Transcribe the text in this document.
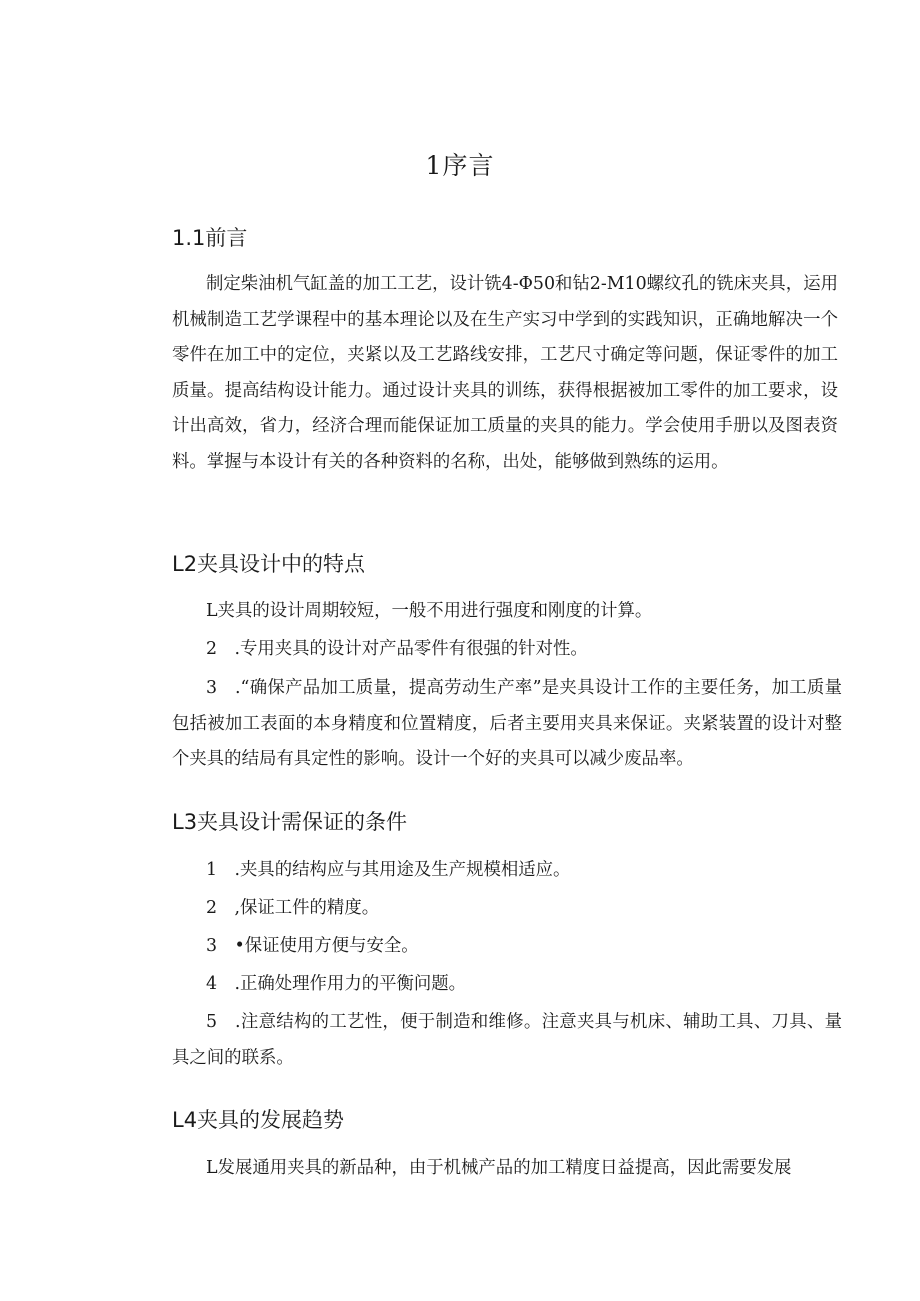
1序言
1.1前言
制定柴油机气缸盖的加工工艺，设计铣4-Φ50和钻2-M10螺纹孔的铣床夹具，运用机械制造工艺学课程中的基本理论以及在生产实习中学到的实践知识，正确地解决一个零件在加工中的定位，夹紧以及工艺路线安排，工艺尺寸确定等问题，保证零件的加工质量。提高结构设计能力。通过设计夹具的训练，获得根据被加工零件的加工要求，设计出高效，省力，经济合理而能保证加工质量的夹具的能力。学会使用手册以及图表资料。掌握与本设计有关的各种资料的名称，出处，能够做到熟练的运用。
L2夹具设计中的特点
L夹具的设计周期较短，一般不用进行强度和刚度的计算。
2　.专用夹具的设计对产品零件有很强的针对性。
3　.“确保产品加工质量，提高劳动生产率”是夹具设计工作的主要任务，加工质量包括被加工表面的本身精度和位置精度，后者主要用夹具来保证。夹紧装置的设计对整个夹具的结局有具定性的影响。设计一个好的夹具可以减少废品率。
L3夹具设计需保证的条件
1　.夹具的结构应与其用途及生产规模相适应。
2　,保证工件的精度。
3　•保证使用方便与安全。
4　.正确处理作用力的平衡问题。
5　.注意结构的工艺性，便于制造和维修。注意夹具与机床、辅助工具、刀具、量具之间的联系。
L4夹具的发展趋势
L发展通用夹具的新品种，由于机械产品的加工精度日益提高，因此需要发展
